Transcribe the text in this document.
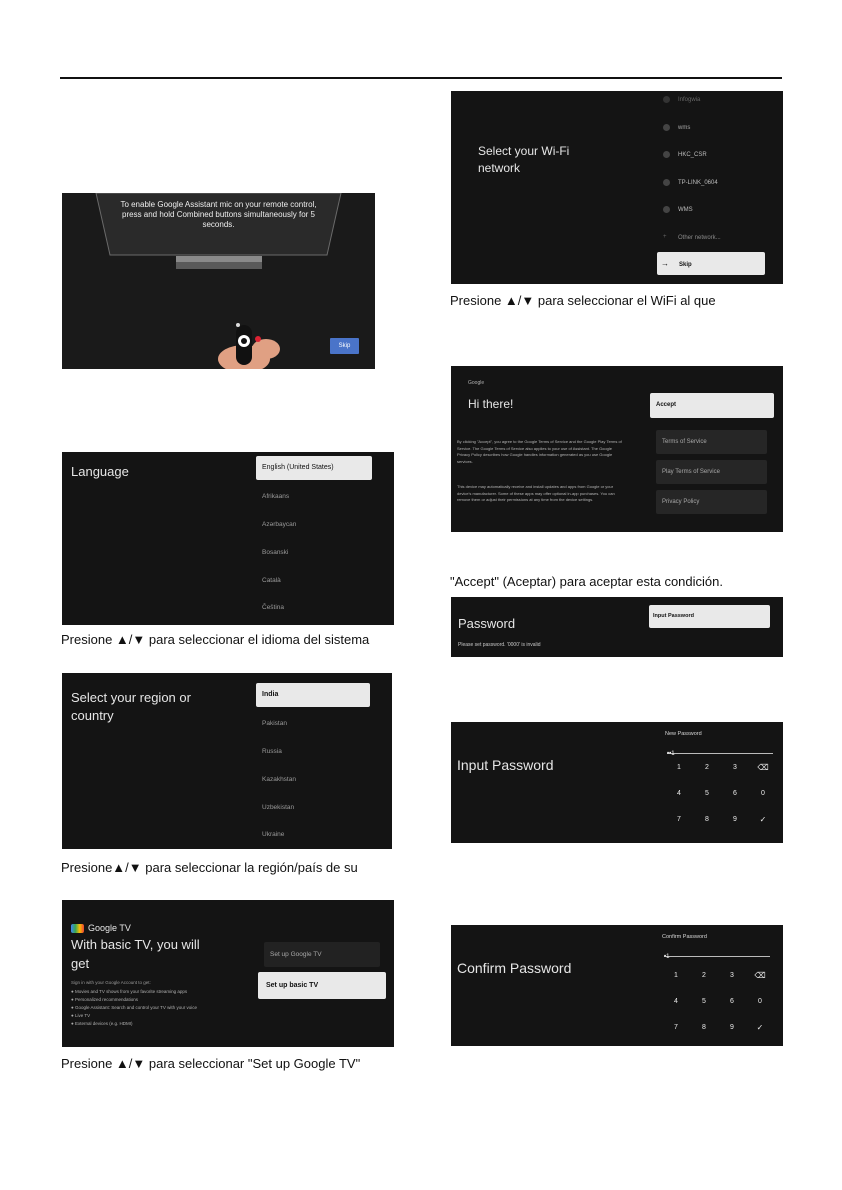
To enable Google Assistant mic on your remote control, press and hold Combined buttons simultaneously for 5 seconds.
Skip
Language	English (United States)
Afrikaans
Azərbaycan
Bosanski
Català
Čeština
Presione ▲/▼ para seleccionar el idioma del sistema
Select your region or
country
India
Pakistan
Russia
Kazakhstan
Uzbekistan
Ukraine
Presione▲/▼ para seleccionar la región/país de su
Google TV
With basic TV, you will
get
Sign in with your Google Account to get:
● Movies and TV shows from your favorite streaming apps
● Personalized recommendations
● Google Assistant: Search and control your TV with your voice
● Live TV
● External devices (e.g. HDMI)
Set up Google TV
Set up basic TV
Presione ▲/▼ para seleccionar "Set up Google TV"
Select your Wi-Fi
network
Infogwia
wms
HKC_CSR
TP-LINK_0604
WMS
+ Other network...
→ Skip
Presione ▲/▼ para seleccionar el WiFi al que
Google
Hi there!
By clicking "Accept", you agree to the Google Terms of Service and the Google Play Terms of Service. The Google Terms of Service also applies to your use of Assistant. The Google Privacy Policy describes how Google handles information generated as you use Google services.
This device may automatically receive and install updates and apps from Google or your device's manufacturer. Some of these apps may offer optional in-app purchases. You can remove them or adjust their permissions at any time from the device settings.
Accept
Terms of Service
Play Terms of Service
Privacy Policy
"Accept" (Aceptar) para aceptar esta condición.
Password
Please set password. '0000' is invalid
Input Password
Input Password
New Password
••1
1	2	3	⌫
4	5	6	0
7	8	9	✓
Confirm Password
Confirm Password
•1
1	2	3	⌫
4	5	6	0
7	8	9	✓
